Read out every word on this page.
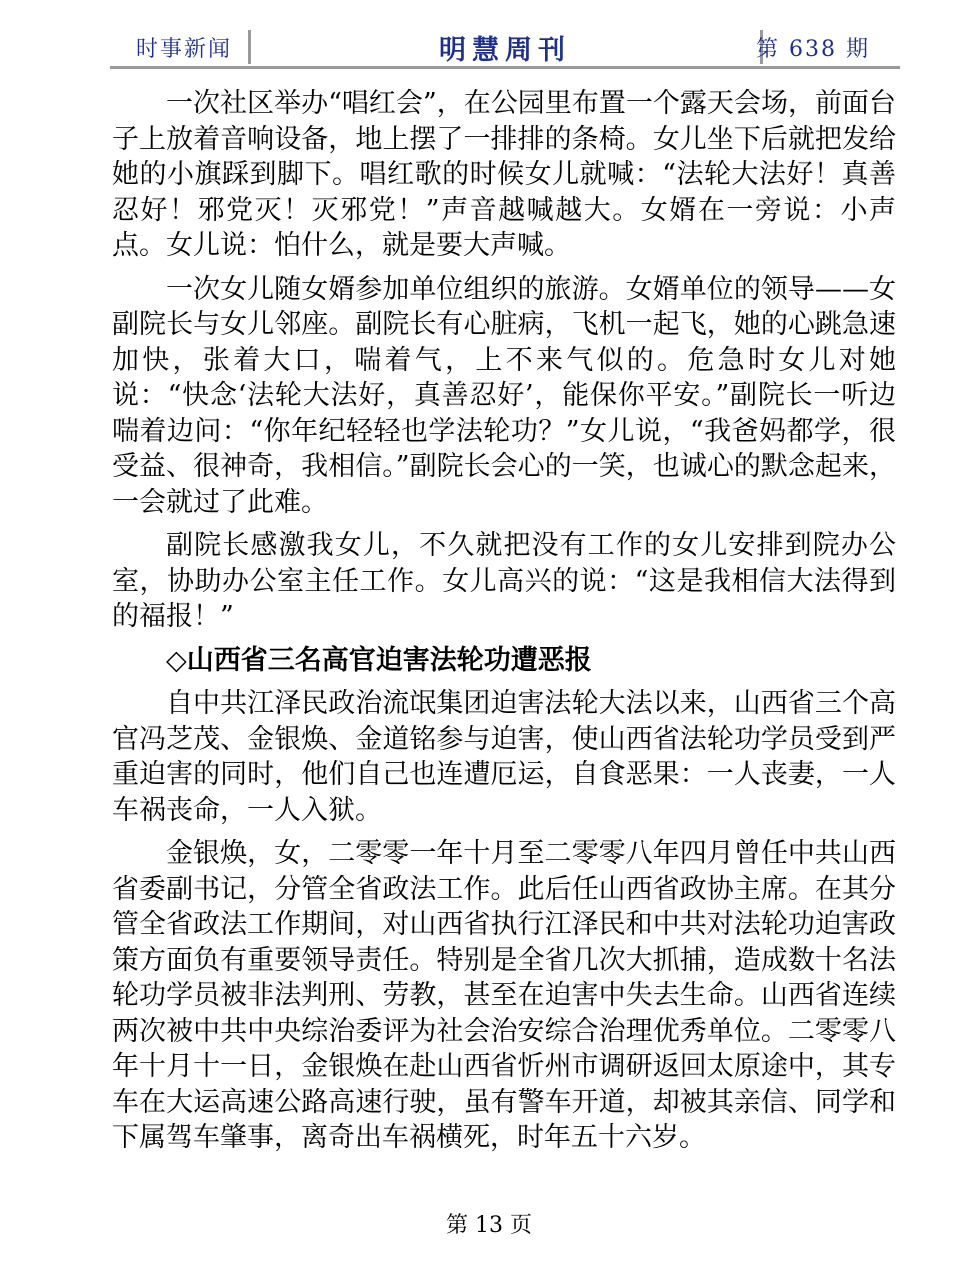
时事新闻	明慧周刊	第 638 期

一次社区举办“唱红会”，在公园里布置一个露天会场，前面台子上放着音响设备，地上摆了一排排的条椅。女儿坐下后就把发给她的小旗踩到脚下。唱红歌的时候女儿就喊：“法轮大法好！真善忍好！邪党灭！灭邪党！”声音越喊越大。女婿在一旁说：小声点。女儿说：怕什么，就是要大声喊。

一次女儿随女婿参加单位组织的旅游。女婿单位的领导——女副院长与女儿邻座。副院长有心脏病，飞机一起飞，她的心跳急速加快，张着大口，喘着气，上不来气似的。危急时女儿对她说：“快念‘法轮大法好，真善忍好’，能保你平安。”副院长一听边喘着边问：“你年纪轻轻也学法轮功？”女儿说，“我爸妈都学，很受益、很神奇，我相信。”副院长会心的一笑，也诚心的默念起来，一会就过了此难。

副院长感激我女儿，不久就把没有工作的女儿安排到院办公室，协助办公室主任工作。女儿高兴的说：“这是我相信大法得到的福报！”

◇山西省三名高官迫害法轮功遭恶报

自中共江泽民政治流氓集团迫害法轮大法以来，山西省三个高官冯芝茂、金银焕、金道铭参与迫害，使山西省法轮功学员受到严重迫害的同时，他们自己也连遭厄运，自食恶果：一人丧妻，一人车祸丧命，一人入狱。

金银焕，女，二零零一年十月至二零零八年四月曾任中共山西省委副书记，分管全省政法工作。此后任山西省政协主席。在其分管全省政法工作期间，对山西省执行江泽民和中共对法轮功迫害政策方面负有重要领导责任。特别是全省几次大抓捕，造成数十名法轮功学员被非法判刑、劳教，甚至在迫害中失去生命。山西省连续两次被中共中央综治委评为社会治安综合治理优秀单位。二零零八年十月十一日，金银焕在赴山西省忻州市调研返回太原途中，其专车在大运高速公路高速行驶，虽有警车开道，却被其亲信、同学和下属驾车肇事，离奇出车祸横死，时年五十六岁。

第 13 页
